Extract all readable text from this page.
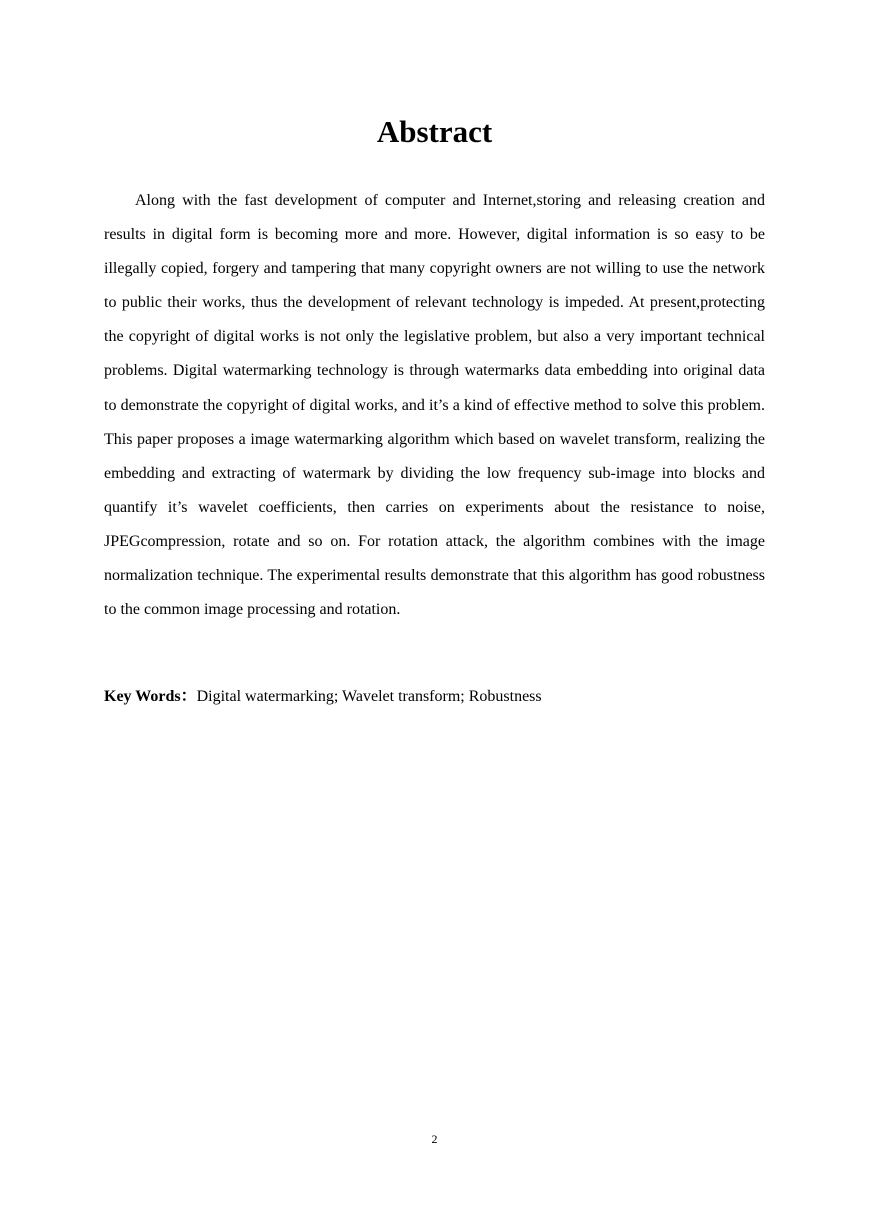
Abstract

Along with the fast development of computer and Internet,storing and releasing creation and results in digital form is becoming more and more. However, digital information is so easy to be illegally copied, forgery and tampering that many copyright owners are not willing to use the network to public their works, thus the development of relevant technology is impeded. At present,protecting the copyright of digital works is not only the legislative problem, but also a very important technical problems. Digital watermarking technology is through watermarks data embedding into original data to demonstrate the copyright of digital works, and it’s a kind of effective method to solve this problem. This paper proposes a image watermarking algorithm which based on wavelet transform, realizing the embedding and extracting of watermark by dividing the low frequency sub-image into blocks and quantify it’s wavelet coefficients, then carries on experiments about the resistance to noise, JPEGcompression, rotate and so on. For rotation attack, the algorithm combines with the image normalization technique. The experimental results demonstrate that this algorithm has good robustness to the common image processing and rotation.

Key Words：Digital watermarking; Wavelet transform; Robustness
2
